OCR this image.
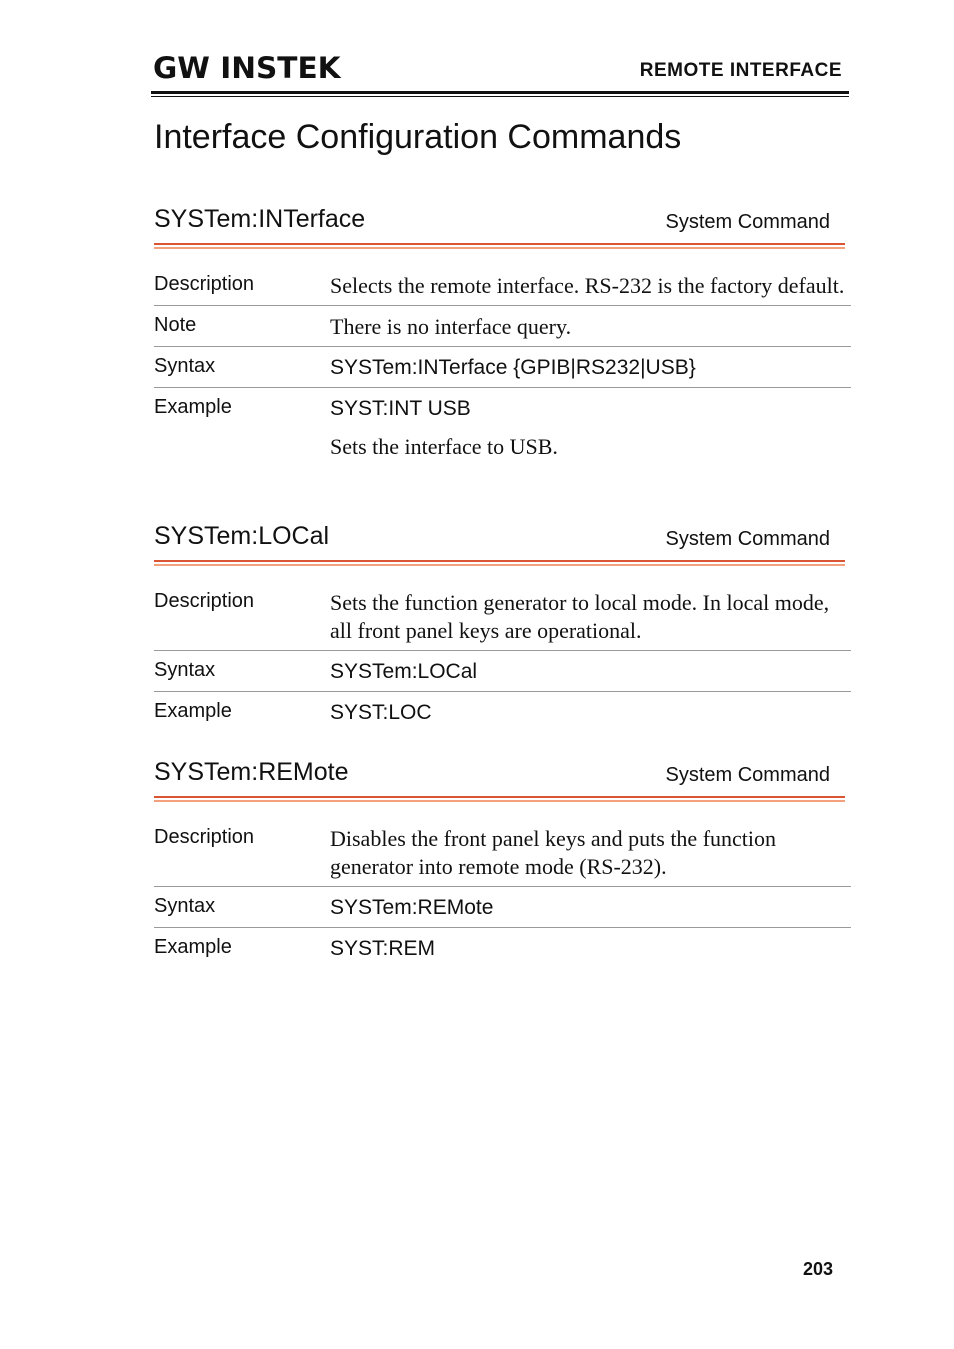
GW INSTEK	REMOTE INTERFACE
Interface Configuration Commands
SYSTem:INTerface	System Command
Description	Selects the remote interface. RS-232 is the factory default.
Note	There is no interface query.
Syntax	SYSTem:INTerface {GPIB|RS232|USB}
Example	SYST:INT USB
Sets the interface to USB.
SYSTem:LOCal	System Command
Description	Sets the function generator to local mode. In local mode, all front panel keys are operational.
Syntax	SYSTem:LOCal
Example	SYST:LOC
SYSTem:REMote	System Command
Description	Disables the front panel keys and puts the function generator into remote mode (RS-232).
Syntax	SYSTem:REMote
Example	SYST:REM
203
